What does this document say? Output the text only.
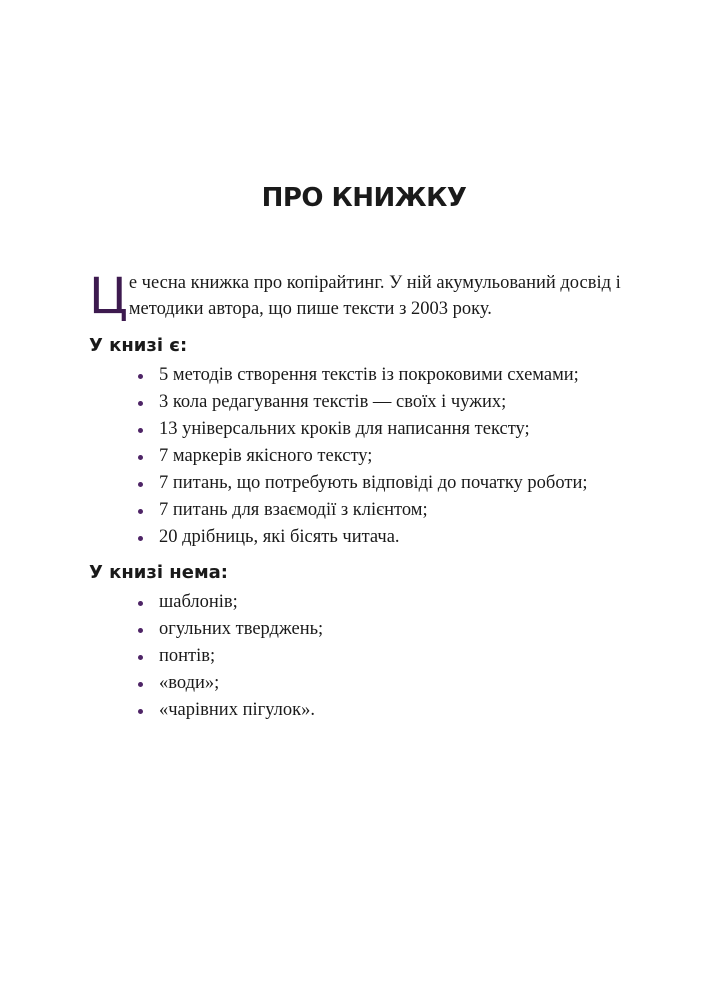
ПРО КНИЖКУ
Ц е чесна книжка про копірайтинг. У ній акумульований досвід і методики автора, що пише тексти з 2003 року.
У книзі є:
5 методів створення текстів із покроковими схемами;
3 кола редагування текстів — своїх і чужих;
13 універсальних кроків для написання тексту;
7 маркерів якісного тексту;
7 питань, що потребують відповіді до початку роботи;
7 питань для взаємодії з клієнтом;
20 дрібниць, які бісять читача.
У книзі нема:
шаблонів;
огульних тверджень;
понтів;
«води»;
«чарівних пігулок».
